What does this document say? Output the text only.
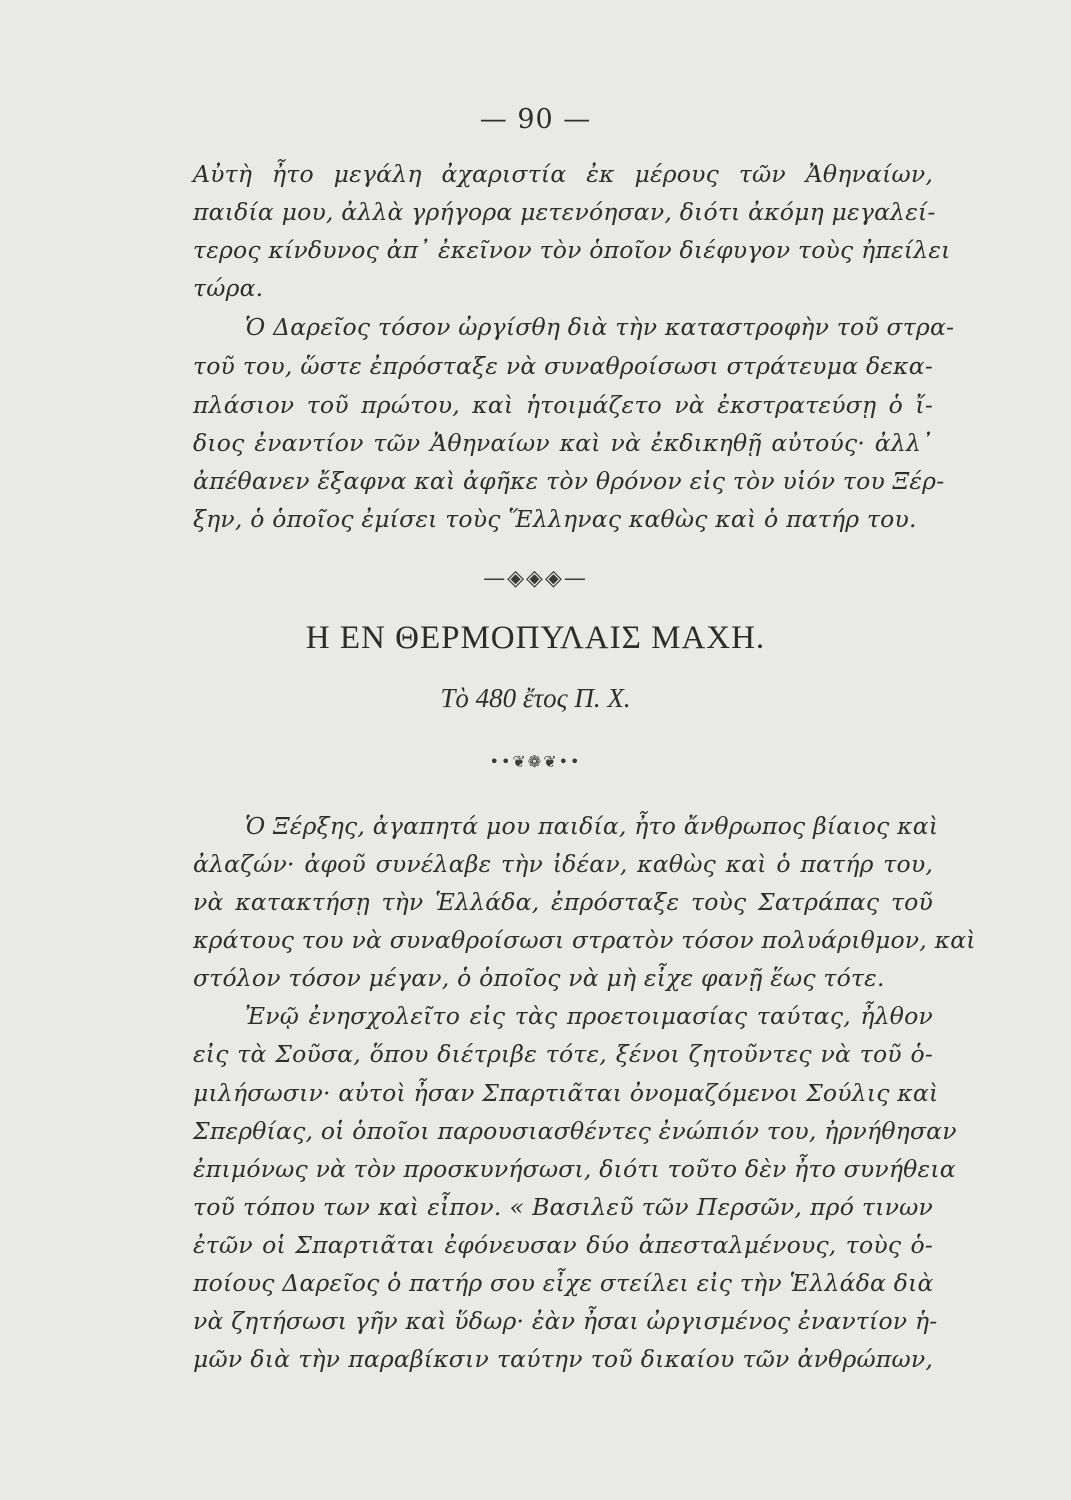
— 90 —
Αὐτὴ ἦτο μεγάλη ἀχαριστία ἐκ μέρους τῶν Ἀθηναίων,
παιδία μου, ἀλλὰ γρήγορα μετενόησαν, διότι ἀκόμη μεγαλεί-
τερος κίνδυνος ἀπ᾽ ἐκεῖνον τὸν ὁποῖον διέφυγον τοὺς ἠπείλει
τώρα.
Ὁ Δαρεῖος τόσον ὠργίσθη διὰ τὴν καταστροφὴν τοῦ στρα-
τοῦ του, ὥστε ἐπρόσταξε νὰ συναθροίσωσι στράτευμα δεκα-
πλάσιον τοῦ πρώτου, καὶ ἡτοιμάζετο νὰ ἐκστρατεύσῃ ὁ ἴ-
διος ἐναντίον τῶν Ἀθηναίων καὶ νὰ ἐκδικηθῇ αὐτούς· ἀλλ᾽
ἀπέθανεν ἔξαφνα καὶ ἀφῆκε τὸν θρόνον εἰς τὸν υἱόν του Ξέρ-
ξην, ὁ ὁποῖος ἐμίσει τοὺς Ἕλληνας καθὼς καὶ ὁ πατήρ του.
—◈◈◈—
Η ΕΝ ΘΕΡΜΟΠΥΛΑΙΣ ΜΑΧΗ.
Τὸ 480 ἔτος Π. Χ.
••❦❁❦••
Ὁ Ξέρξης, ἀγαπητά μου παιδία, ἦτο ἄνθρωπος βίαιος καὶ
ἀλαζών· ἀφοῦ συνέλαβε τὴν ἰδέαν, καθὼς καὶ ὁ πατήρ του,
νὰ κατακτήσῃ τὴν Ἑλλάδα, ἐπρόσταξε τοὺς Σατράπας τοῦ
κράτους του νὰ συναθροίσωσι στρατὸν τόσον πολυάριθμον, καὶ
στόλον τόσον μέγαν, ὁ ὁποῖος νὰ μὴ εἶχε φανῇ ἕως τότε.
Ἐνῷ ἐνησχολεῖτο εἰς τὰς προετοιμασίας ταύτας, ἦλθον
εἰς τὰ Σοῦσα, ὅπου διέτριβε τότε, ξένοι ζητοῦντες νὰ τοῦ ὁ-
μιλήσωσιν· αὐτοὶ ἦσαν Σπαρτιᾶται ὀνομαζόμενοι Σούλις καὶ
Σπερθίας, οἱ ὁποῖοι παρουσιασθέντες ἐνώπιόν του, ἠρνήθησαν
ἐπιμόνως νὰ τὸν προσκυνήσωσι, διότι τοῦτο δὲν ἦτο συνήθεια
τοῦ τόπου των καὶ εἶπον. « Βασιλεῦ τῶν Περσῶν, πρό τινων
ἐτῶν οἱ Σπαρτιᾶται ἐφόνευσαν δύο ἀπεσταλμένους, τοὺς ὁ-
ποίους Δαρεῖος ὁ πατήρ σου εἶχε στείλει εἰς τὴν Ἑλλάδα διὰ
νὰ ζητήσωσι γῆν καὶ ὕδωρ· ἐὰν ἦσαι ὠργισμένος ἐναντίον ἡ-
μῶν διὰ τὴν παραβίκσιν ταύτην τοῦ δικαίου τῶν ἀνθρώπων,
